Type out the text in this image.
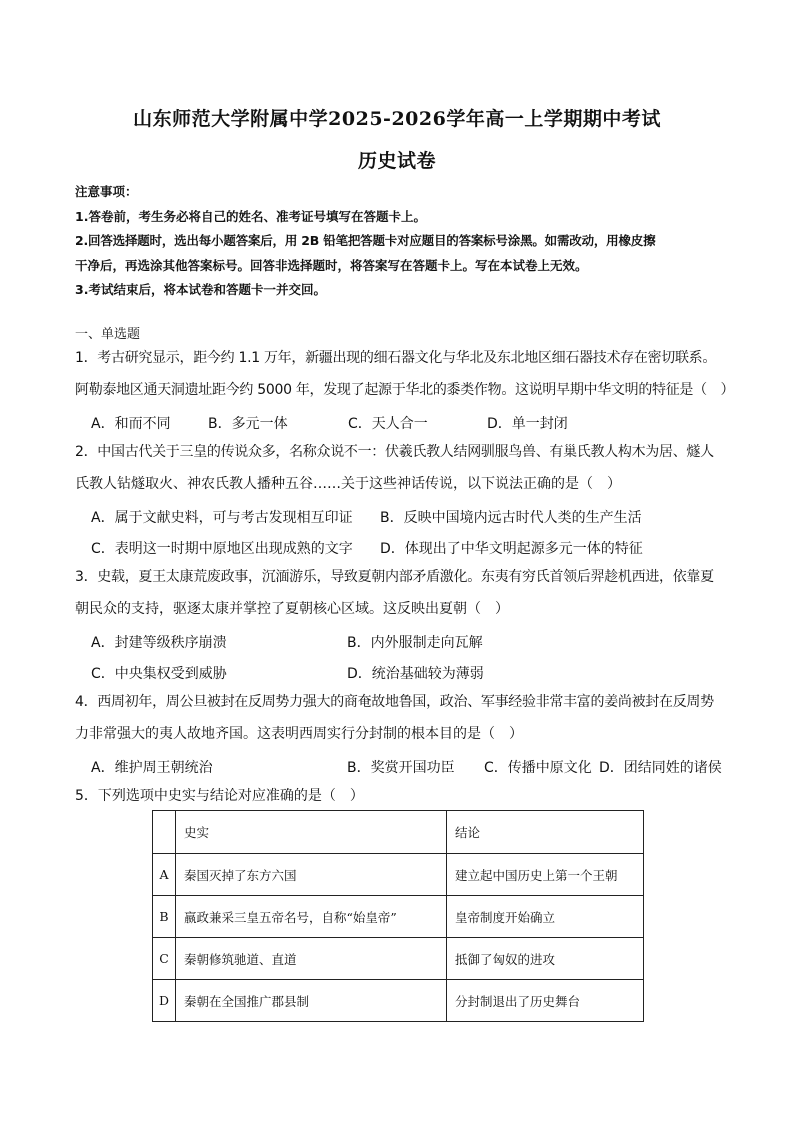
山东师范大学附属中学2025-2026学年高一上学期期中考试
历史试卷
注意事项：
1.答卷前，考生务必将自己的姓名、准考证号填写在答题卡上。
2.回答选择题时，选出每小题答案后，用 2B 铅笔把答题卡对应题目的答案标号涂黑。如需改动，用橡皮擦
干净后，再选涂其他答案标号。回答非选择题时，将答案写在答题卡上。写在本试卷上无效。
3.考试结束后，将本试卷和答题卡一并交回。
一、单选题
1．考古研究显示，距今约 1.1 万年，新疆出现的细石器文化与华北及东北地区细石器技术存在密切联系。
阿勒泰地区通天洞遗址距今约 5000 年，发现了起源于华北的黍类作物。这说明早期中华文明的特征是（　）
A．和而不同	B．多元一体	C．天人合一	D．单一封闭
2．中国古代关于三皇的传说众多，名称众说不一：伏羲氏教人结网驯服鸟兽、有巢氏教人构木为居、燧人
氏教人钻燧取火、神农氏教人播种五谷……关于这些神话传说，以下说法正确的是（　）
A．属于文献史料，可与考古发现相互印证 B．反映中国境内远古时代人类的生产生活
C．表明这一时期中原地区出现成熟的文字 D．体现出了中华文明起源多元一体的特征
3．史载，夏王太康荒废政事，沉湎游乐，导致夏朝内部矛盾激化。东夷有穷氏首领后羿趁机西进，依靠夏
朝民众的支持，驱逐太康并掌控了夏朝核心区域。这反映出夏朝（　）
A．封建等级秩序崩溃	B．内外服制走向瓦解
C．中央集权受到威胁	D．统治基础较为薄弱
4．西周初年，周公旦被封在反周势力强大的商奄故地鲁国，政治、军事经验非常丰富的姜尚被封在反周势
力非常强大的夷人故地齐国。这表明西周实行分封制的根本目的是（　）
A．维护周王朝统治	B．奖赏开国功臣 C．传播中原文化 D．团结同姓的诸侯
5．下列选项中史实与结论对应准确的是（　）
	史实	结论
A	秦国灭掉了东方六国	建立起中国历史上第一个王朝
B	嬴政兼采三皇五帝名号，自称“始皇帝”	皇帝制度开始确立
C	秦朝修筑驰道、直道	抵御了匈奴的进攻
D	秦朝在全国推广郡县制	分封制退出了历史舞台
